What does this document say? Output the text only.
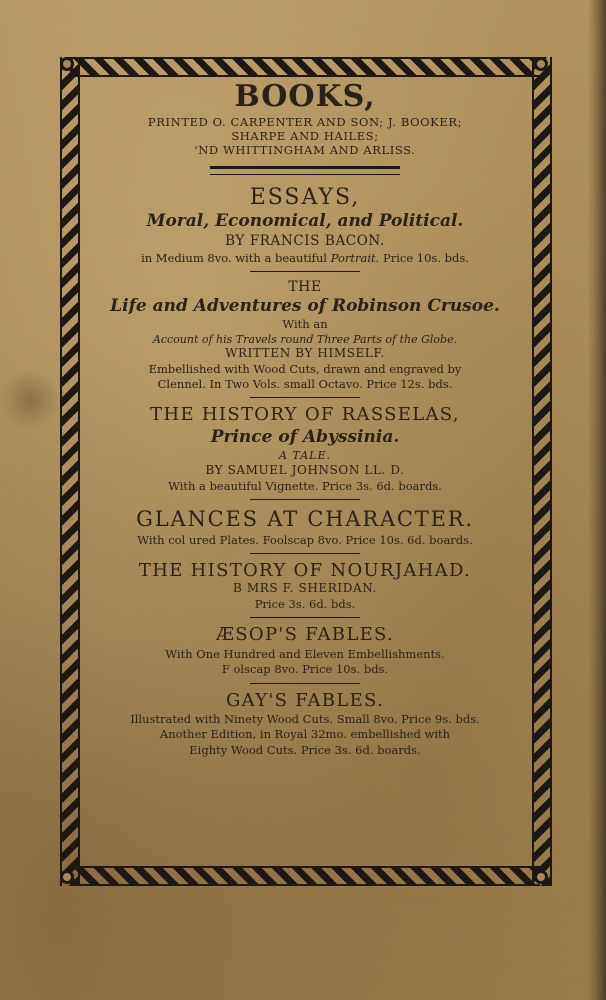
BOOKS,
PRINTED O. CARPENTER AND SON; J. BOOKER;
SHARPE AND HAILES;
'ND WHITTINGHAM AND ARLISS.
ESSAYS,
Moral, Economical, and Political.
BY FRANCIS BACON.
in Medium 8vo. with a beautiful Portrait. Price 10s. bds.
THE
Life and Adventures of Robinson Crusoe.
With an
Account of his Travels round Three Parts of the Globe.
WRITTEN BY HIMSELF.
Embellished with Wood Cuts, drawn and engraved by
Clennel. In Two Vols. small Octavo. Price 12s. bds.
THE HISTORY OF RASSELAS,
Prince of Abyssinia.
A TALE.
BY SAMUEL JOHNSON LL. D.
With a beautiful Vignette. Price 3s. 6d. boards.
GLANCES AT CHARACTER.
With col ured Plates. Foolscap 8vo. Price 10s. 6d. boards.
THE HISTORY OF NOURJAHAD.
B MRS F. SHERIDAN.
Price 3s. 6d. bds.
ÆSOP'S FABLES.
With One Hundred and Eleven Embellishments.
F olscap 8vo. Price 10s. bds.
GAY'S FABLES.
Illustrated with Ninety Wood Cuts. Small 8vo. Price 9s. bds.
Another Edition, in Royal 32mo. embellished with
Eighty Wood Cuts. Price 3s. 6d. boards.
